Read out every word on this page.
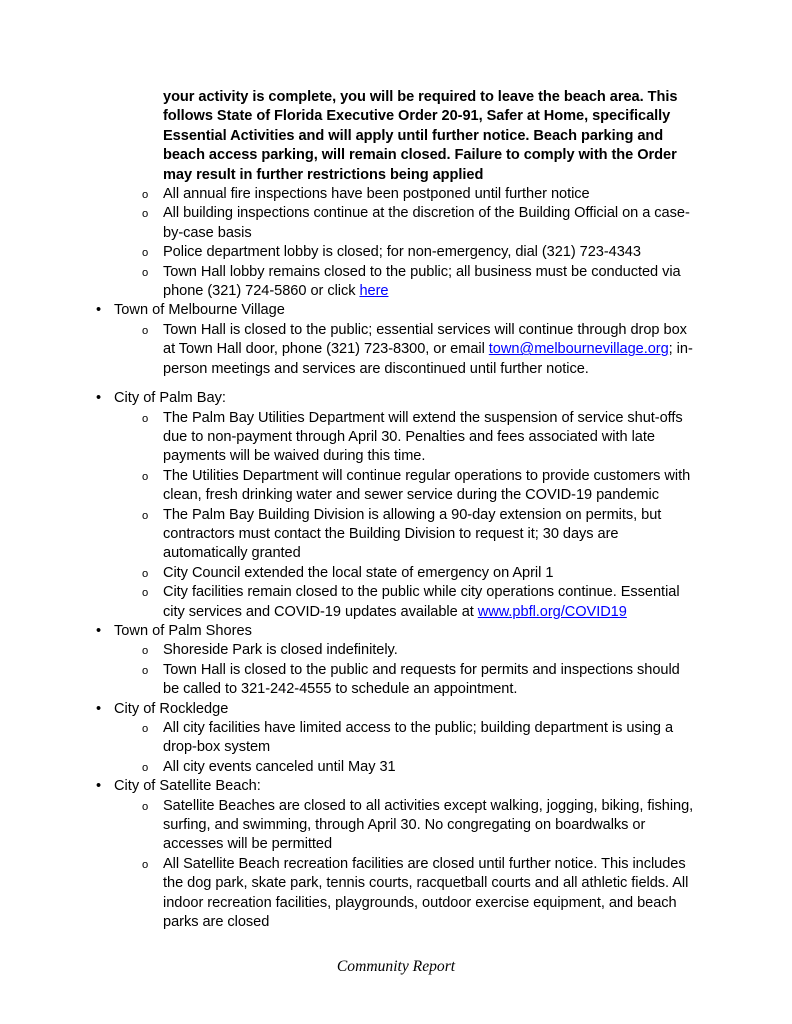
your activity is complete, you will be required to leave the beach area. This follows State of Florida Executive Order 20-91, Safer at Home, specifically Essential Activities and will apply until further notice. Beach parking and beach access parking, will remain closed. Failure to comply with the Order may result in further restrictions being applied

o All annual fire inspections have been postponed until further notice
o All building inspections continue at the discretion of the Building Official on a case-by-case basis
o Police department lobby is closed; for non-emergency, dial (321) 723-4343
o Town Hall lobby remains closed to the public; all business must be conducted via phone (321) 724-5860 or click here
• Town of Melbourne Village
o Town Hall is closed to the public; essential services will continue through drop box at Town Hall door, phone (321) 723-8300, or email town@melbournevillage.org; in-person meetings and services are discontinued until further notice.
• City of Palm Bay:
o The Palm Bay Utilities Department will extend the suspension of service shut-offs due to non-payment through April 30. Penalties and fees associated with late payments will be waived during this time.
o The Utilities Department will continue regular operations to provide customers with clean, fresh drinking water and sewer service during the COVID-19 pandemic
o The Palm Bay Building Division is allowing a 90-day extension on permits, but contractors must contact the Building Division to request it; 30 days are automatically granted
o City Council extended the local state of emergency on April 1
o City facilities remain closed to the public while city operations continue. Essential city services and COVID-19 updates available at www.pbfl.org/COVID19
• Town of Palm Shores
o Shoreside Park is closed indefinitely.
o Town Hall is closed to the public and requests for permits and inspections should be called to 321-242-4555 to schedule an appointment.
• City of Rockledge
o All city facilities have limited access to the public; building department is using a drop-box system
o All city events canceled until May 31
• City of Satellite Beach:
o Satellite Beaches are closed to all activities except walking, jogging, biking, fishing, surfing, and swimming, through April 30. No congregating on boardwalks or accesses will be permitted
o All Satellite Beach recreation facilities are closed until further notice. This includes the dog park, skate park, tennis courts, racquetball courts and all athletic fields. All indoor recreation facilities, playgrounds, outdoor exercise equipment, and beach parks are closed
Community Report
